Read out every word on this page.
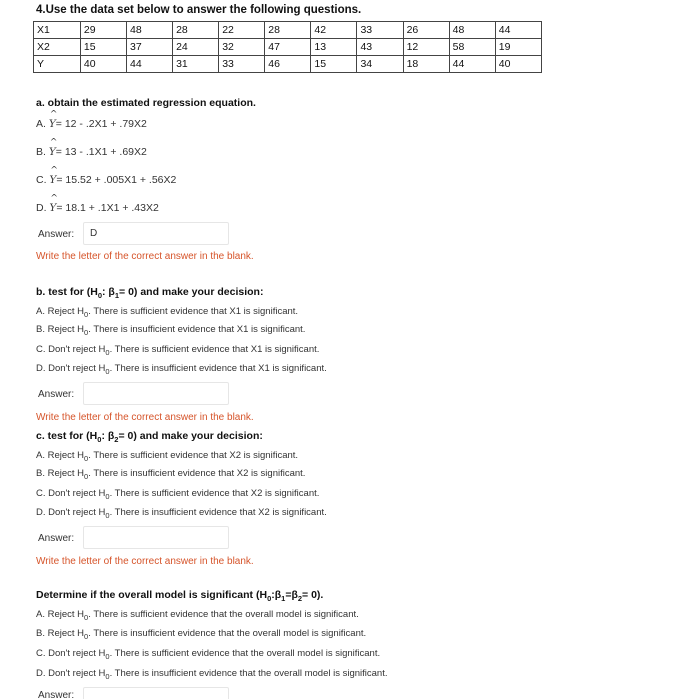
4.Use the data set below to answer the following questions.
X1	29	48	28	22	28	42	33	26	48	44
X2	15	37	24	32	47	13	43	12	58	19
Y	40	44	31	33	46	15	34	18	44	40
a. obtain the estimated regression equation.
A. ^ Y= 12 - .2X1 + .79X2
B. ^ Y= 13 - .1X1 + .69X2
C. ^ Y= 15.52 + .005X1 + .56X2
D. ^ Y= 18.1 + .1X1 + .43X2
Answer:	D
Write the letter of the correct answer in the blank.
b. test for ($H_0$: $\beta_1= 0$) and make your decision:
A. Reject $H_0$. There is sufficient evidence that X1 is significant.
B. Reject $H_0$. There is insufficient evidence that X1 is significant.
C. Don't reject $H_0$. There is sufficient evidence that X1 is significant.
D. Don't reject $H_0$. There is insufficient evidence that X1 is significant.
Answer:
Write the letter of the correct answer in the blank.
c. test for ($H_0$: $\beta_2= 0$) and make your decision:
A. Reject $H_0$. There is sufficient evidence that X2 is significant.
B. Reject $H_0$. There is insufficient evidence that X2 is significant.
C. Don't reject $H_0$. There is sufficient evidence that X2 is significant.
D. Don't reject $H_0$. There is insufficient evidence that X2 is significant.
Answer:
Write the letter of the correct answer in the blank.
Determine if the overall model is significant $(H_0:\beta_1=\beta_2= 0)$.
A. Reject $H_0$. There is sufficient evidence that the overall model is significant.
B. Reject $H_0$. There is insufficient evidence that the overall model is significant.
C. Don't reject $H_0$. There is sufficient evidence that the overall model is significant.
D. Don't reject $H_0$. There is insufficient evidence that the overall model is significant.
Answer:
